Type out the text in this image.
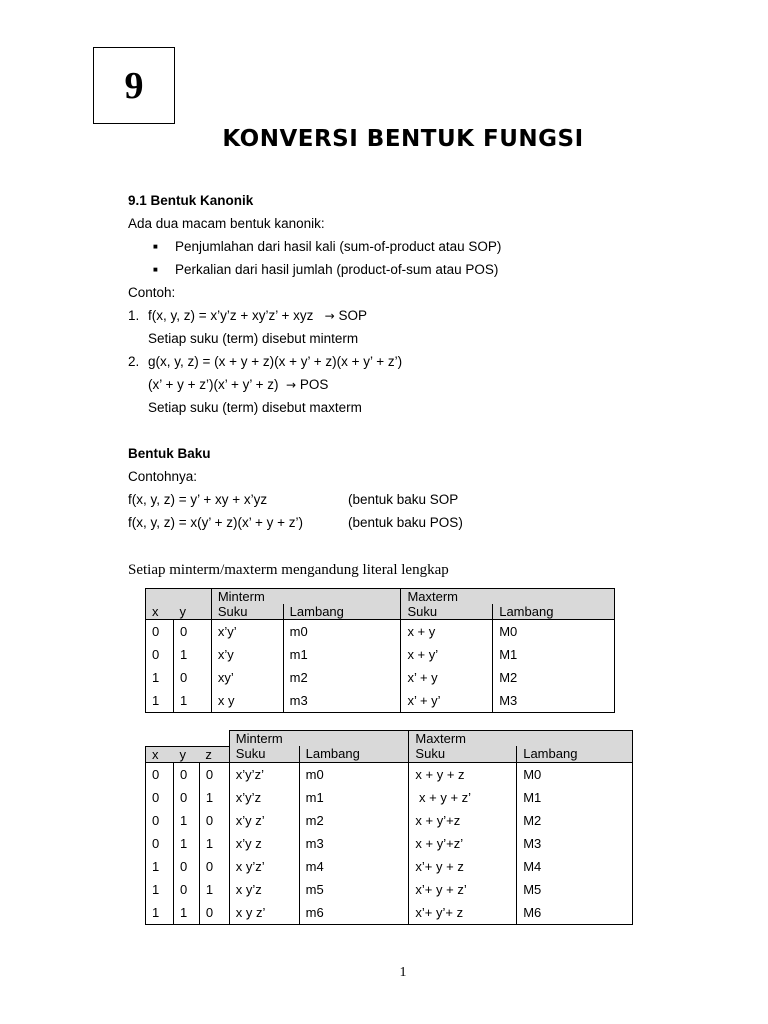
9
KONVERSI BENTUK FUNGSI
9.1 Bentuk Kanonik
Ada dua macam bentuk kanonik:
■ Penjumlahan dari hasil kali (sum-of-product atau SOP)
■ Perkalian dari hasil jumlah (product-of-sum atau POS)
Contoh:
1. f(x, y, z) = x’y’z + xy’z’ + xyz → SOP
Setiap suku (term) disebut minterm
2. g(x, y, z) = (x + y + z)(x + y’ + z)(x + y’ + z’)
(x’ + y + z’)(x’ + y’ + z) → POS
Setiap suku (term) disebut maxterm
Bentuk Baku
Contohnya:
f(x, y, z) = y’ + xy + x’yz	(bentuk baku SOP
f(x, y, z) = x(y’ + z)(x’ + y + z’)	(bentuk baku POS)
Setiap minterm/maxterm mengandung literal lengkap
		Minterm		Maxterm	
x	y	Suku	Lambang	Suku	Lambang
0	0	x’y’	m0	x + y	M0
0	1	x’y	m1	x + y’	M1
1	0	xy’	m2	x’ + y	M2
1	1	x y	m3	x’ + y’	M3
			Minterm		Maxterm	
x	y	z	Suku	Lambang	Suku	Lambang
0	0	0	x’y’z’	m0	x + y + z	M0
0	0	1	x’y’z	m1	x + y + z’	M1
0	1	0	x’y z’	m2	x + y’+z	M2
0	1	1	x’y z	m3	x + y’+z’	M3
1	0	0	x y’z’	m4	x’+ y + z	M4
1	0	1	x y’z	m5	x’+ y + z’	M5
1	1	0	x y z’	m6	x’+ y’+ z	M6
1
